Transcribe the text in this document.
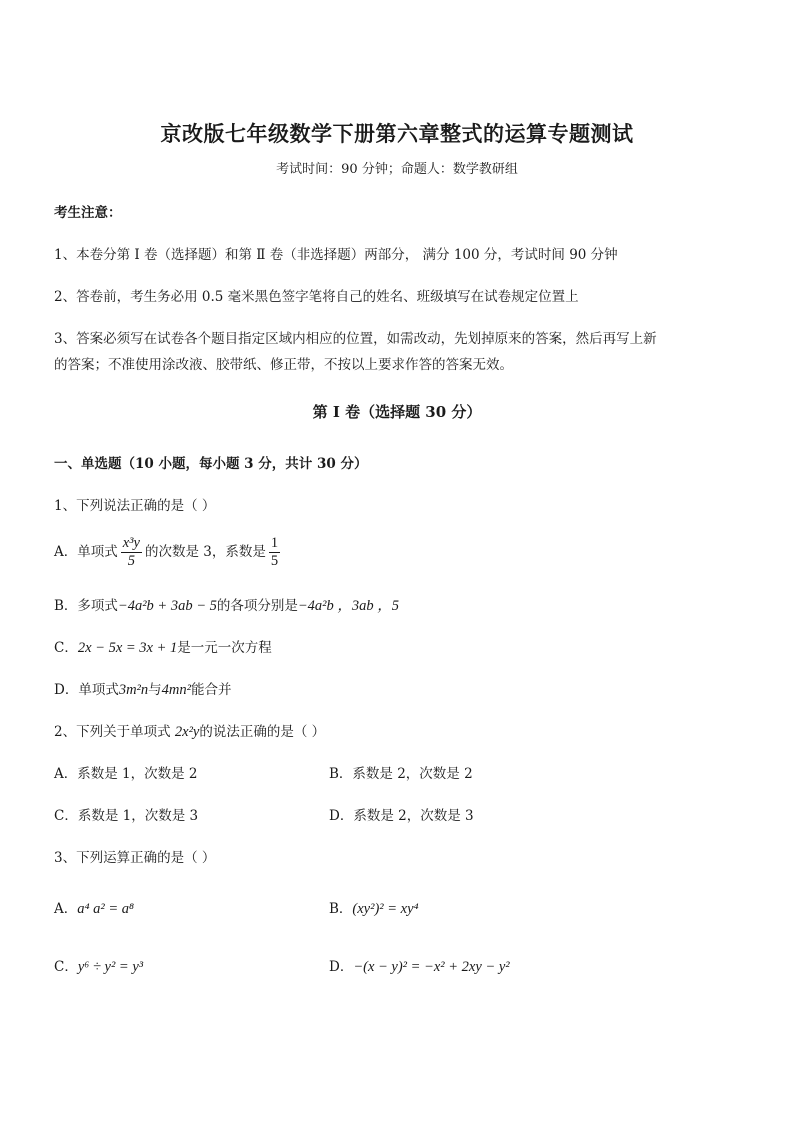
京改版七年级数学下册第六章整式的运算专题测试
考试时间：90 分钟；命题人：数学教研组
考生注意：
1、本卷分第 Ⅰ 卷（选择题）和第 Ⅱ 卷（非选择题）两部分， 满分 100 分，考试时间 90 分钟
2、答卷前，考生务必用 0.5 毫米黑色签字笔将自己的姓名、班级填写在试卷规定位置上
3、答案必须写在试卷各个题目指定区域内相应的位置，如需改动，先划掉原来的答案，然后再写上新
的答案；不准使用涂改液、胶带纸、修正带，不按以上要求作答的答案无效。
第 I 卷（选择题 30 分）
一、单选题（10 小题，每小题 3 分，共计 30 分）
1、下列说法正确的是（ ）
A．单项式 $\frac{\text{x³y}}{5}$ 的次数是 3，系数是 $\frac{1}{5}$
B．多项式−4a²b + 3ab − 5的各项分别是−4a²b ，3ab ，5
C．2x − 5x = 3x + 1是一元一次方程
D．单项式3m²n与4mn²能合并
2、下列关于单项式 2x²y的说法正确的是（ ）
A．系数是 1，次数是 2	B．系数是 2，次数是 2
C．系数是 1，次数是 3	D．系数是 2，次数是 3
3、下列运算正确的是（ ）
A．a⁴ a² = a⁸	B．(xy²)² = xy⁴
C．y⁶ ÷ y² = y³	D．−(x − y)² = −x² + 2xy − y²
